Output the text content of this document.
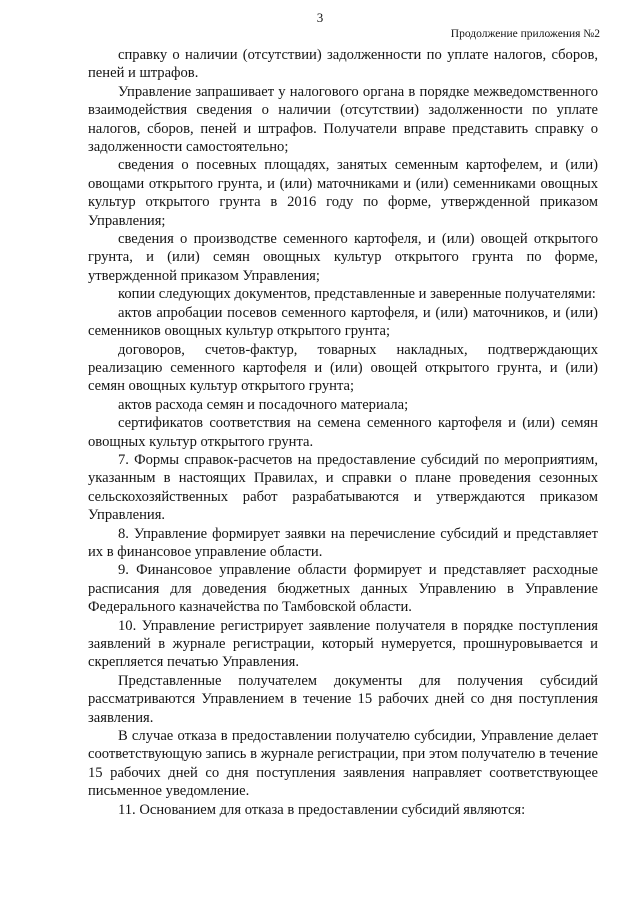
3
Продолжение приложения №2

справку о наличии (отсутствии) задолженности по уплате налогов, сборов, пеней и штрафов.

Управление запрашивает у налогового органа в порядке межведомственного взаимодействия сведения о наличии (отсутствии) задолженности по уплате налогов, сборов, пеней и штрафов. Получатели вправе представить справку о задолженности самостоятельно;

сведения о посевных площадях, занятых семенным картофелем, и (или) овощами открытого грунта, и (или) маточниками и (или) семенниками овощных культур открытого грунта в 2016 году по форме, утвержденной приказом Управления;

сведения о производстве семенного картофеля, и (или) овощей открытого грунта, и (или) семян овощных культур открытого грунта по форме, утвержденной приказом Управления;

копии следующих документов, представленные и заверенные получателями:

актов апробации посевов семенного картофеля, и (или) маточников, и (или) семенников овощных культур открытого грунта;

договоров, счетов-фактур, товарных накладных, подтверждающих реализацию семенного картофеля и (или) овощей открытого грунта, и (или) семян овощных культур открытого грунта;

актов расхода семян и посадочного материала;

сертификатов соответствия на семена семенного картофеля и (или) семян овощных культур открытого грунта.

7. Формы справок-расчетов на предоставление субсидий по мероприятиям, указанным в настоящих Правилах, и справки о плане проведения сезонных сельскохозяйственных работ разрабатываются и утверждаются приказом Управления.

8. Управление формирует заявки на перечисление субсидий и представляет их в финансовое управление области.

9. Финансовое управление области формирует и представляет расходные расписания для доведения бюджетных данных Управлению в Управление Федерального казначейства по Тамбовской области.

10. Управление регистрирует заявление получателя в порядке поступления заявлений в журнале регистрации, который нумеруется, прошнуровывается и скрепляется печатью Управления.

Представленные получателем документы для получения субсидий рассматриваются Управлением в течение 15 рабочих дней со дня поступления заявления.

В случае отказа в предоставлении получателю субсидии, Управление делает соответствующую запись в журнале регистрации, при этом получателю в течение 15 рабочих дней со дня поступления заявления направляет соответствующее письменное уведомление.

11. Основанием для отказа в предоставлении субсидий являются:
